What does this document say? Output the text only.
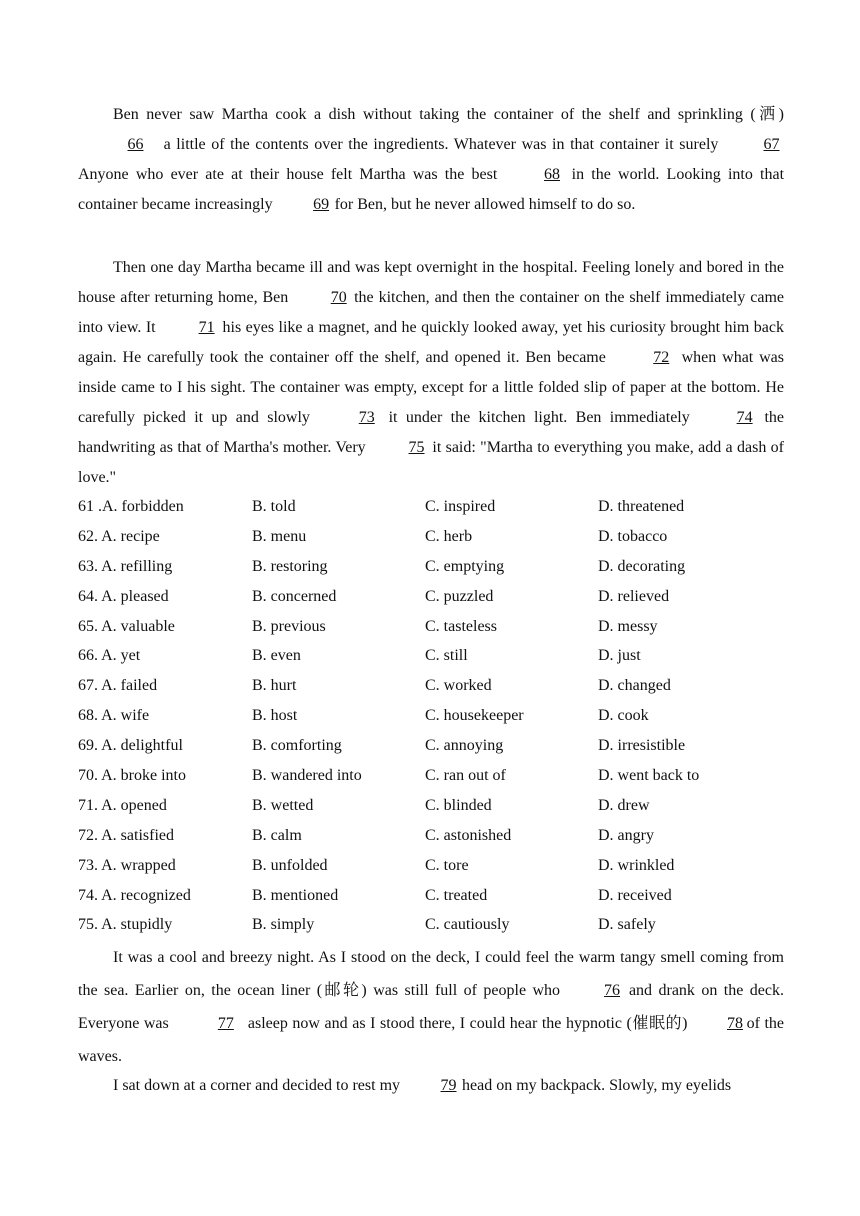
Ben never saw Martha cook a dish without taking the container of the shelf and sprinkling (洒) 66 a little of the contents over the ingredients. Whatever was in that container it surely 67 Anyone who ever ate at their house felt Martha was the best 68 in the world. Looking into that container became increasingly 69 for Ben, but he never allowed himself to do so.

Then one day Martha became ill and was kept overnight in the hospital. Feeling lonely and bored in the house after returning home, Ben 70 the kitchen, and then the container on the shelf immediately came into view. It 71 his eyes like a magnet, and he quickly looked away, yet his curiosity brought him back again. He carefully took the container off the shelf, and opened it. Ben became	72 when what was inside came to I his sight. The container was empty, except for a little folded slip of paper at the bottom. He carefully picked it up and slowly	73 it under the kitchen light. Ben immediately 74 the handwriting as that of Martha's mother. Very 75 it said: "Martha to everything you make, add a dash of love."

61 .A. forbidden	B. told	C. inspired	D. threatened
62. A. recipe	B. menu	C. herb	D. tobacco
63. A. refilling	B. restoring	C. emptying	D. decorating
64. A. pleased	B. concerned	C. puzzled	D. relieved
65. A. valuable	B. previous	C. tasteless	D. messy
66. A. yet	B. even	C. still	D. just
67. A. failed	B. hurt	C. worked	D. changed
68. A. wife	B. host	C. housekeeper	D. cook
69. A. delightful	B. comforting	C. annoying	D. irresistible
70. A. broke into	B. wandered into	C. ran out of	D. went back to
71. A. opened	B. wetted	C. blinded	D. drew
72. A. satisfied	B. calm	C. astonished	D. angry
73. A. wrapped	B. unfolded	C. tore	D. wrinkled
74. A. recognized	B. mentioned	C. treated	D. received
75. A. stupidly	B. simply	C. cautiously	D. safely

It was a cool and breezy night. As I stood on the deck, I could feel the warm tangy smell coming from the sea. Earlier on, the ocean liner (邮轮) was still full of people who 76 and drank on the deck. Everyone was	77 asleep now and as I stood there, I could hear the hypnotic (催眠的) 78 of the waves.

I sat down at a corner and decided to rest my 79 head on my backpack. Slowly, my eyelids
